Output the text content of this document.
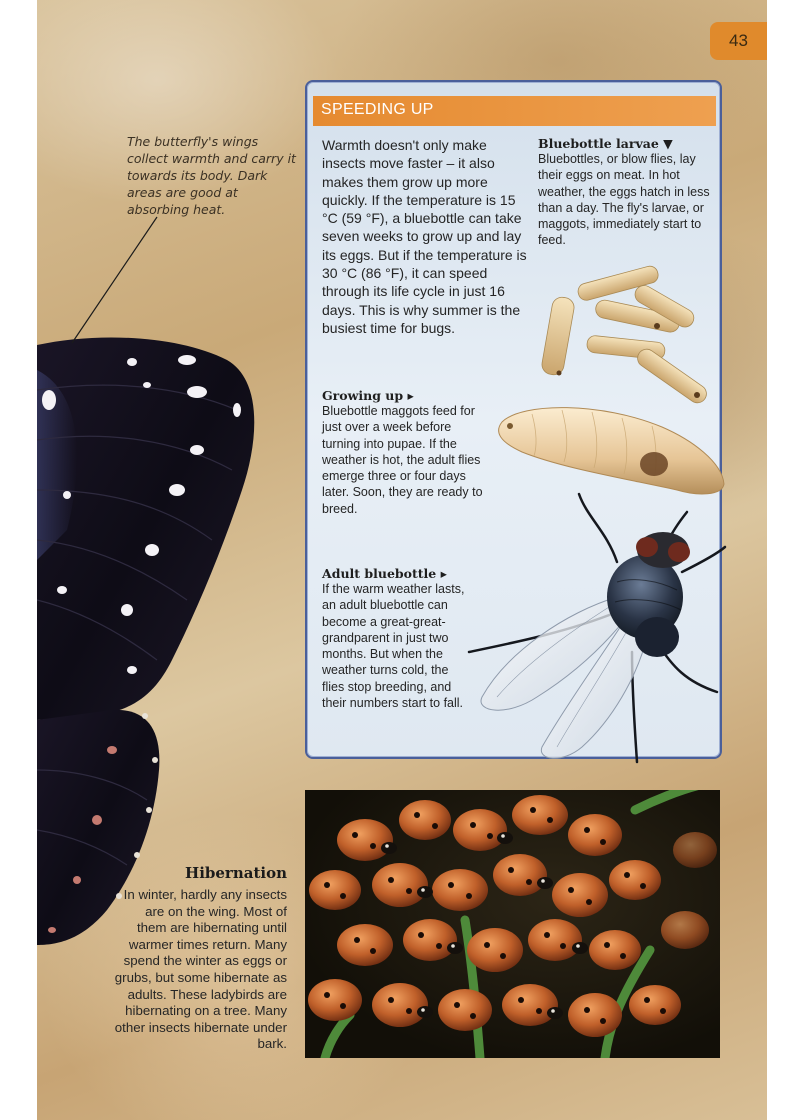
43
The butterfly's wings collect warmth and carry it towards its body. Dark areas are good at absorbing heat.
SPEEDING UP
Warmth doesn't only make insects move faster – it also makes them grow up more quickly. If the temperature is 15 °C (59 °F), a bluebottle can take seven weeks to grow up and lay its eggs. But if the temperature is 30 °C (86 °F), it can speed through its life cycle in just 16 days. This is why summer is the busiest time for bugs.
Bluebottle larvae ▼
Bluebottles, or blow flies, lay their eggs on meat. In hot weather, the eggs hatch in less than a day. The fly's larvae, or maggots, immediately start to feed.
Growing up ▸
Bluebottle maggots feed for just over a week before turning into pupae. If the weather is hot, the adult flies emerge three or four days later. Soon, they are ready to breed.
Adult bluebottle ▸
If the warm weather lasts, an adult bluebottle can become a great-great-grandparent in just two months. But when the weather turns cold, the flies stop breeding, and their numbers start to fall.
Hibernation
In winter, hardly any insects are on the wing. Most of them are hibernating until warmer times return. Many spend the winter as eggs or grubs, but some hibernate as adults. These ladybirds are hibernating on a tree. Many other insects hibernate under bark.
